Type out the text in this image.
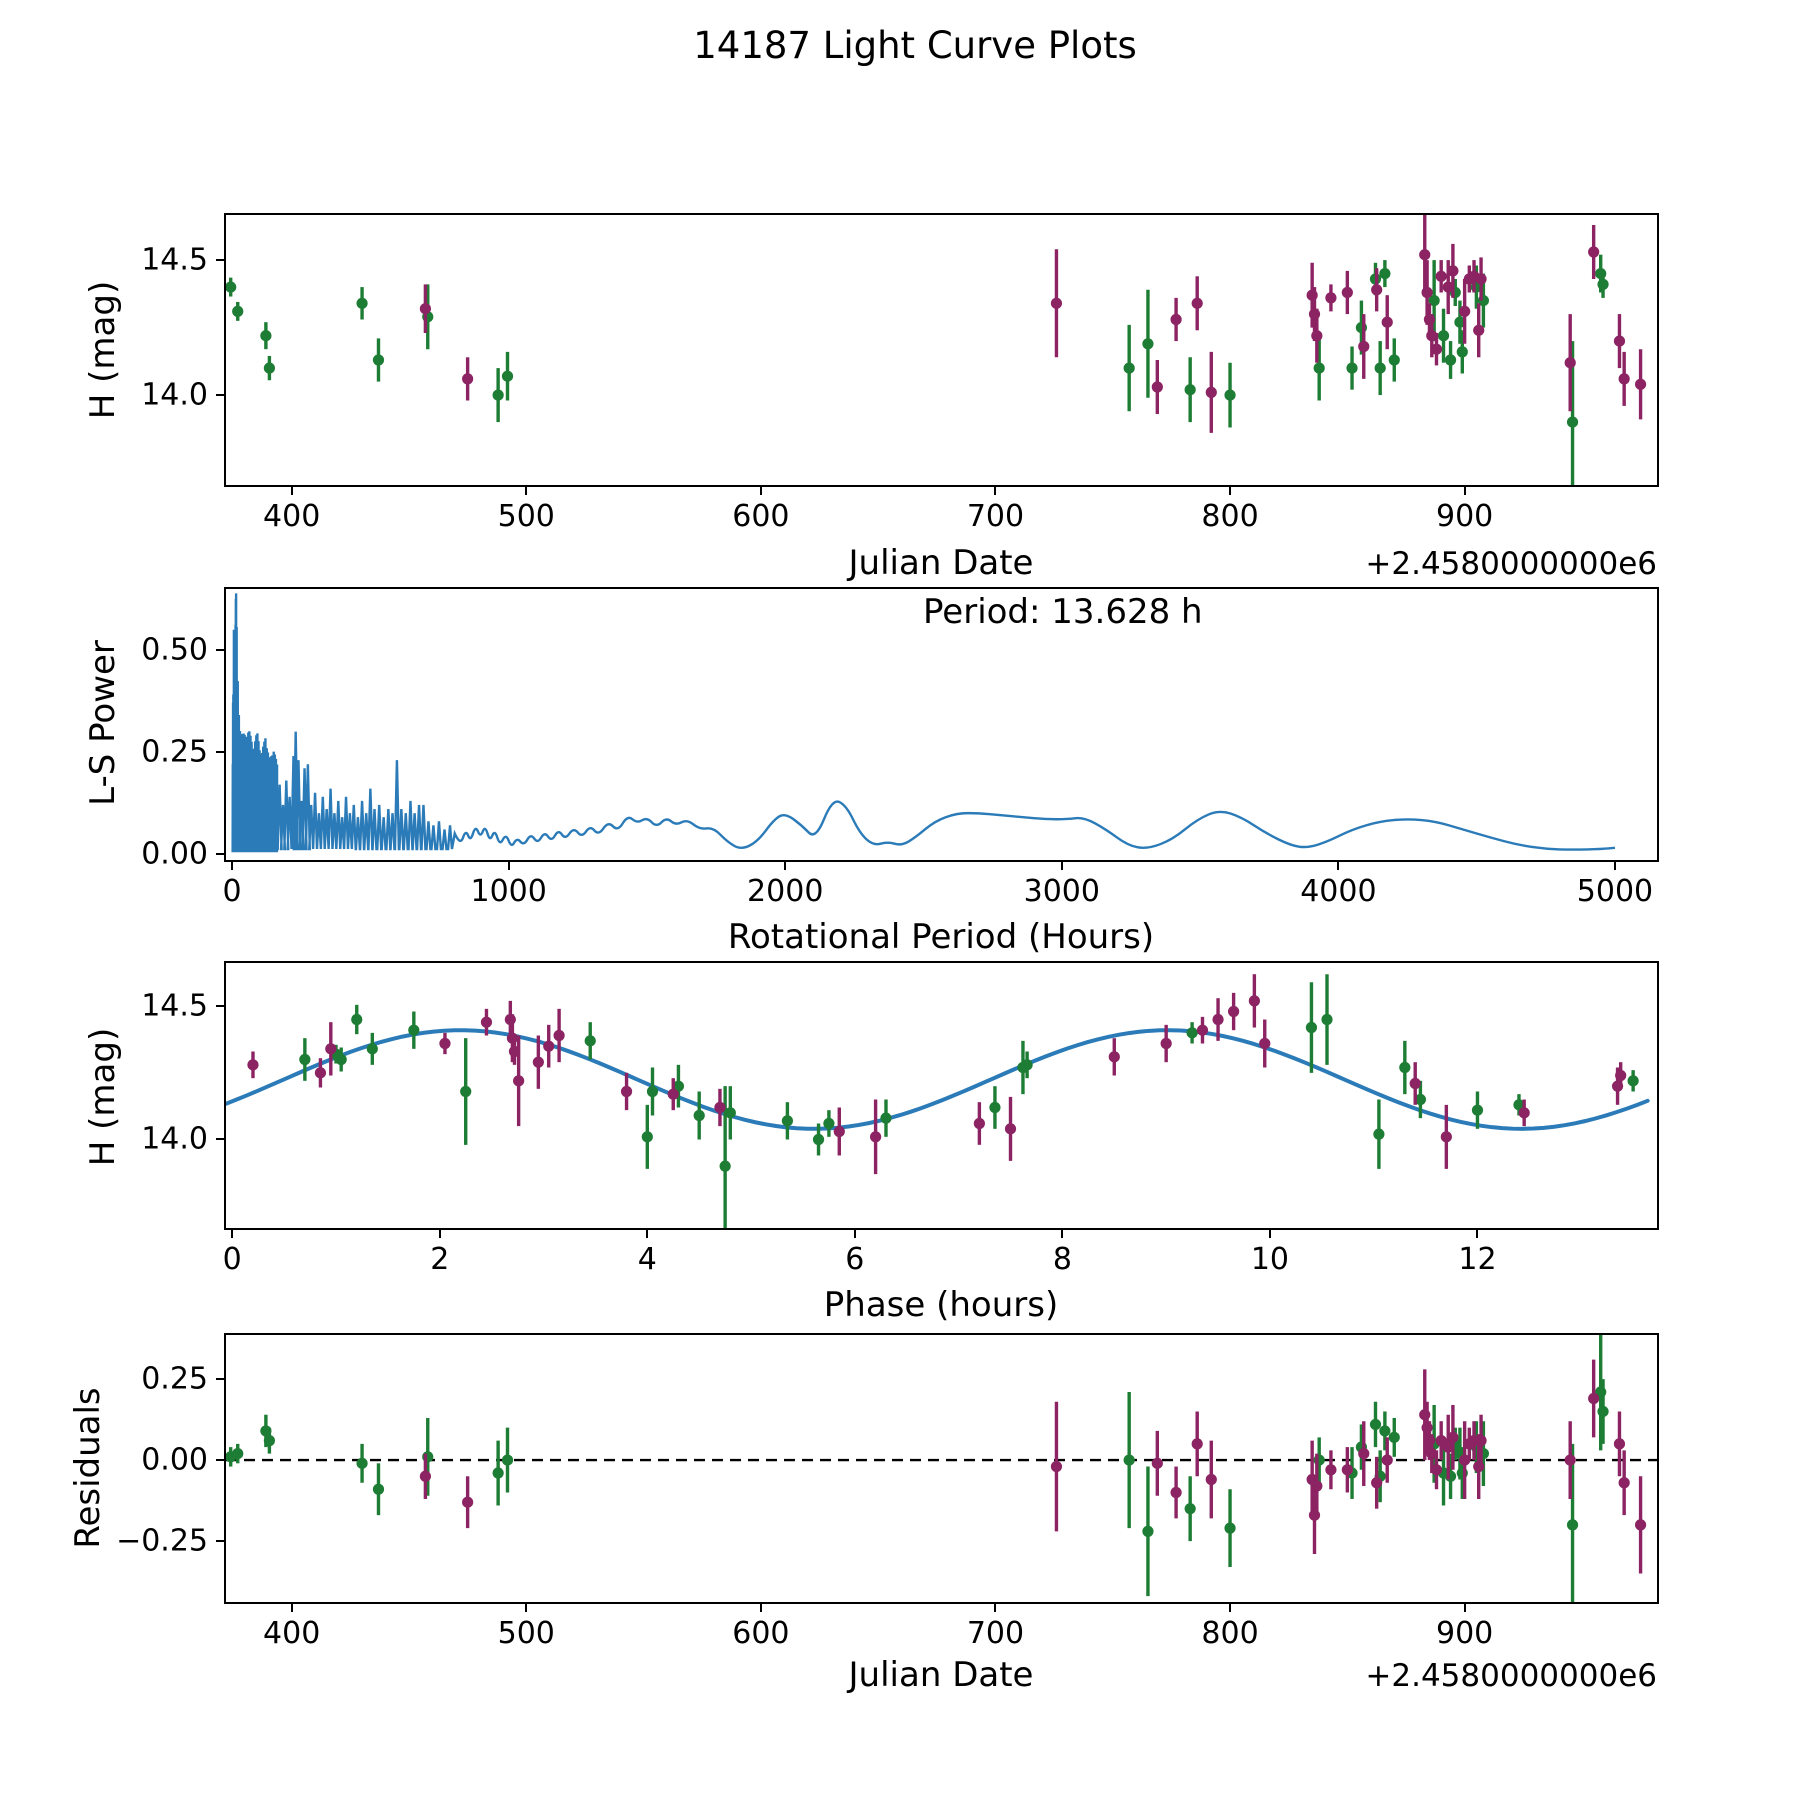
14187 Light Curve Plots
Period: 13.628 h
Julian Date	+2.4580000000e6
Rotational Period (Hours)
Phase (hours)
Julian Date	+2.4580000000e6
H (mag)
L-S Power
H (mag)
Residuals
400	500	600	700	800	900
14.0
14.5
0	1000	2000	3000	4000	5000
0.00
0.25
0.50
0	2	4	6	8	10	12
14.0
14.5
400	500	600	700	800	900
−0.25
0.00
0.25
